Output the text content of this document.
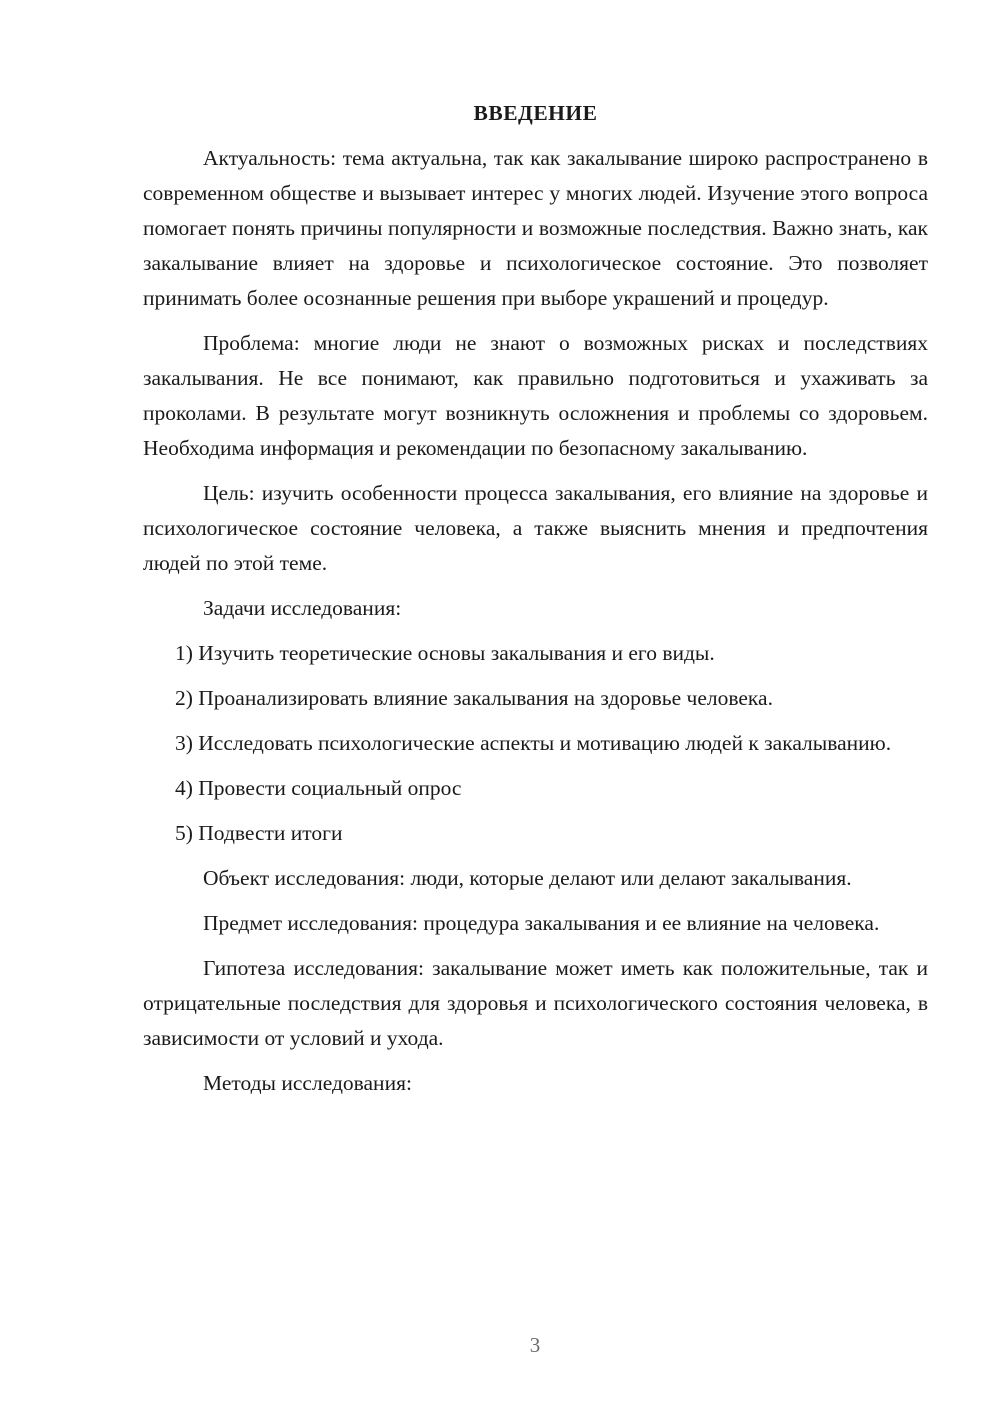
ВВЕДЕНИЕ

Актуальность: тема актуальна, так как закалывание широко распространено в современном обществе и вызывает интерес у многих людей. Изучение этого вопроса помогает понять причины популярности и возможные последствия. Важно знать, как закалывание влияет на здоровье и психологическое состояние. Это позволяет принимать более осознанные решения при выборе украшений и процедур.

Проблема: многие люди не знают о возможных рисках и последствиях закалывания. Не все понимают, как правильно подготовиться и ухаживать за проколами. В результате могут возникнуть осложнения и проблемы со здоровьем. Необходима информация и рекомендации по безопасному закалыванию.

Цель: изучить особенности процесса закалывания, его влияние на здоровье и психологическое состояние человека, а также выяснить мнения и предпочтения людей по этой теме.

Задачи исследования:

1) Изучить теоретические основы закалывания и его виды.

2) Проанализировать влияние закалывания на здоровье человека.

3) Исследовать психологические аспекты и мотивацию людей к закалыванию.

4) Провести социальный опрос

5) Подвести итоги

Объект исследования: люди, которые делают или делают закалывания.

Предмет исследования: процедура закалывания и ее влияние на человека.

Гипотеза исследования: закалывание может иметь как положительные, так и отрицательные последствия для здоровья и психологического состояния человека, в зависимости от условий и ухода.

Методы исследования:

3
